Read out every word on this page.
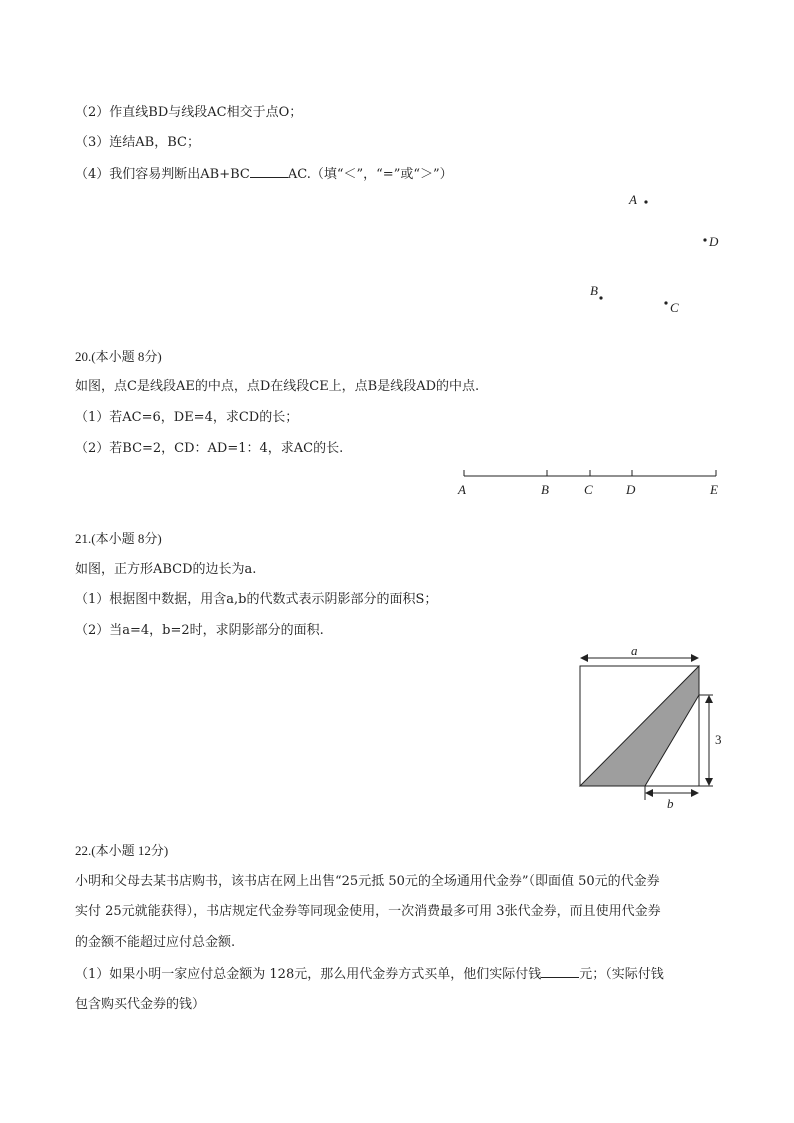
（2）作直线BD与线段AC相交于点O；
（3）连结AB，BC；
（4）我们容易判断出AB+BC	AC.（填“＜”，“=”或“＞”）
A
D
B
C
20.(本小题 8分)
如图，点C是线段AE的中点，点D在线段CE上，点B是线段AD的中点.
（1）若AC=6，DE=4，求CD的长；
（2）若BC=2，CD：AD=1：4，求AC的长.
A	B	C	D	E
21.(本小题 8分)
如图，正方形ABCD的边长为a.
（1）根据图中数据，用含a,b的代数式表示阴影部分的面积S；
（2）当a=4，b=2时，求阴影部分的面积.
a
3
b
22.(本小题 12分)
小明和父母去某书店购书，该书店在网上出售“25元抵 50元的全场通用代金券”（即面值 50元的代金券
实付 25元就能获得），书店规定代金券等同现金使用，一次消费最多可用 3张代金券，而且使用代金券
的金额不能超过应付总金额.
（1）如果小明一家应付总金额为 128元，那么用代金券方式买单，他们实际付钱	元；（实际付钱
包含购买代金券的钱）
